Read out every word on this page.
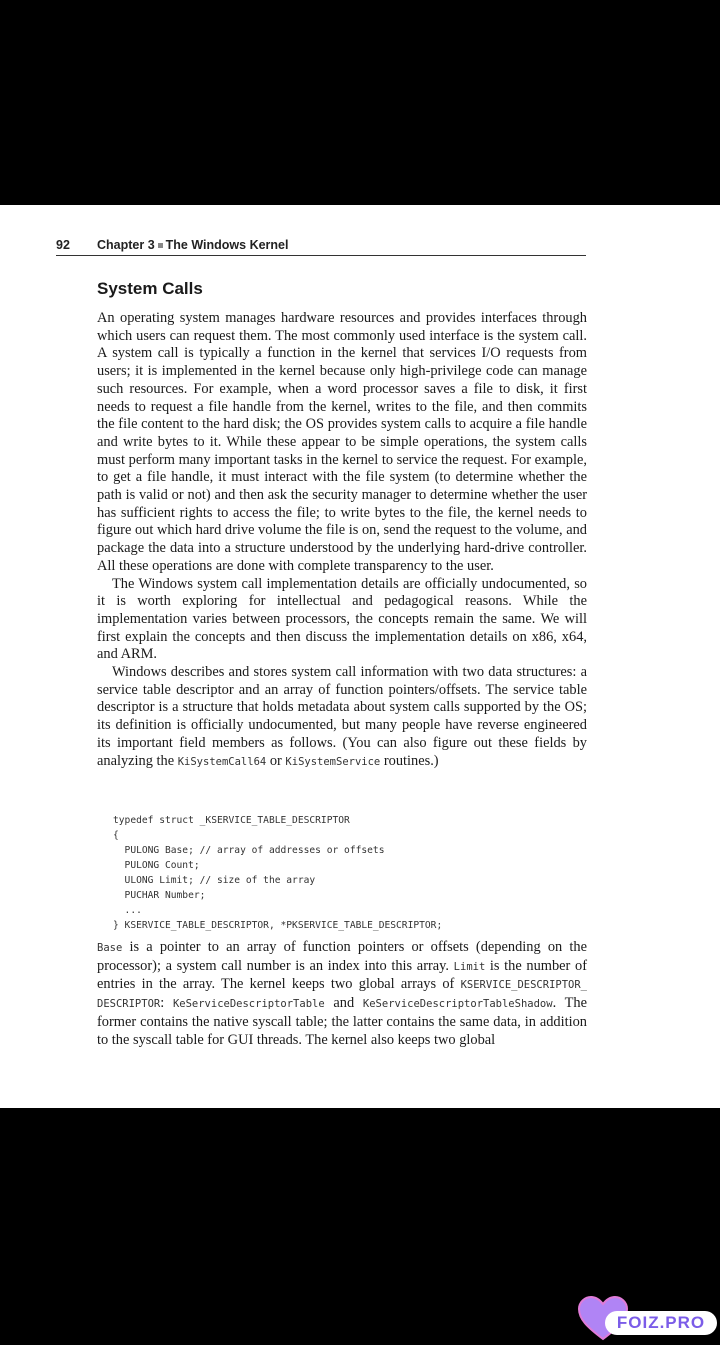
92 Chapter 3 The Windows Kernel
System Calls

An operating system manages hardware resources and provides interfaces through which users can request them. The most commonly used interface is the system call. A system call is typically a function in the kernel that services I/O requests from users; it is implemented in the kernel because only high-privilege code can manage such resources. For example, when a word processor saves a file to disk, it first needs to request a file handle from the kernel, writes to the file, and then commits the file content to the hard disk; the OS provides system calls to acquire a file handle and write bytes to it. While these appear to be simple operations, the system calls must perform many important tasks in the kernel to service the request. For example, to get a file handle, it must interact with the file system (to determine whether the path is valid or not) and then ask the security manager to determine whether the user has sufficient rights to access the file; to write bytes to the file, the kernel needs to figure out which hard drive volume the file is on, send the request to the volume, and package the data into a structure understood by the underlying hard-drive controller. All these operations are done with complete transparency to the user.

The Windows system call implementation details are officially undocumented, so it is worth exploring for intellectual and pedagogical reasons. While the implementation varies between processors, the concepts remain the same. We will first explain the concepts and then discuss the implementation details on x86, x64, and ARM.

Windows describes and stores system call information with two data structures: a service table descriptor and an array of function pointers/offsets. The service table descriptor is a structure that holds metadata about system calls supported by the OS; its definition is officially undocumented, but many people have reverse engineered its important field members as follows. (You can also figure out these fields by analyzing the KiSystemCall64 or KiSystemService routines.)

typedef struct _KSERVICE_TABLE_DESCRIPTOR
{
PULONG Base; // array of addresses or offsets
PULONG Count;
ULONG Limit; // size of the array
PUCHAR Number;
...
} KSERVICE_TABLE_DESCRIPTOR, *PKSERVICE_TABLE_DESCRIPTOR;

Base is a pointer to an array of function pointers or offsets (depending on the processor); a system call number is an index into this array. Limit is the number of entries in the array. The kernel keeps two global arrays of KSERVICE_DESCRIPTOR_ DESCRIPTOR: KeServiceDescriptorTable and KeServiceDescriptorTableShadow. The former contains the native syscall table; the latter contains the same data, in addition to the syscall table for GUI threads. The kernel also keeps two global

FOIZ.PRO
